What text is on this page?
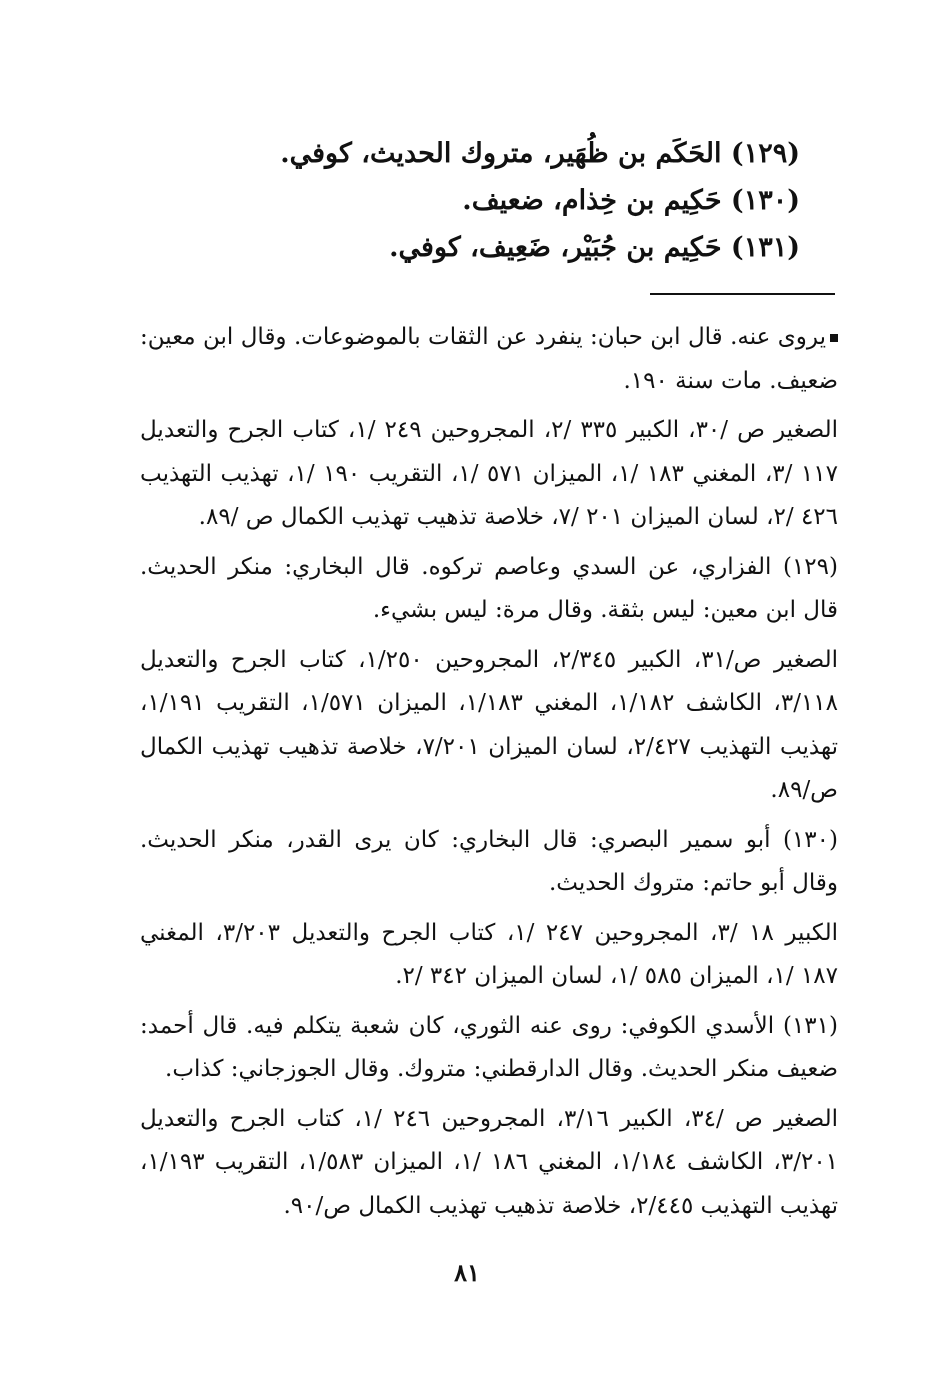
(١٢٩) الحَكَم بن ظُهَير، متروك الحديث، كوفي.
(١٣٠) حَكِيم بن خِذام، ضعيف.
(١٣١) حَكِيم بن جُبَيْر، ضَعِيف، كوفي.

يروى عنه. قال ابن حبان: ينفرد عن الثقات بالموضوعات. وقال ابن معين: ضعيف. مات سنة ١٩٠.

الصغير ص /٣٠، الكبير ٣٣٥ /٢، المجروحين ٢٤٩ /١، كتاب الجرح والتعديل ١١٧ /٣، المغني ١٨٣ /١، الميزان ٥٧١ /١، التقريب ١٩٠ /١، تهذيب التهذيب ٤٢٦ /٢، لسان الميزان ٢٠١ /٧، خلاصة تذهيب تهذيب الكمال ص /٨٩.

(١٢٩) الفزاري، عن السدي وعاصم تركوه. قال البخاري: منكر الحديث. قال ابن معين: ليس بثقة. وقال مرة: ليس بشيء.

الصغير ص/٣١، الكبير ٢/٣٤٥، المجروحين ١/٢٥٠، كتاب الجرح والتعديل ٣/١١٨، الكاشف ١/١٨٢، المغني ١/١٨٣، الميزان ١/٥٧١، التقريب ١/١٩١، تهذيب التهذيب ٢/٤٢٧، لسان الميزان ٧/٢٠١، خلاصة تذهيب تهذيب الكمال ص/٨٩.

(١٣٠) أبو سمير البصري: قال البخاري: كان يرى القدر، منكر الحديث. وقال أبو حاتم: متروك الحديث.

الكبير ١٨ /٣، المجروحين ٢٤٧ /١، كتاب الجرح والتعديل ٣/٢٠٣، المغني ١٨٧ /١، الميزان ٥٨٥ /١، لسان الميزان ٣٤٢ /٢.

(١٣١) الأسدي الكوفي: روى عنه الثوري، كان شعبة يتكلم فيه. قال أحمد: ضعيف منكر الحديث. وقال الدارقطني: متروك. وقال الجوزجاني: كذاب.

الصغير ص /٣٤، الكبير ٣/١٦، المجروحين ٢٤٦ /١، كتاب الجرح والتعديل ٣/٢٠١، الكاشف ١/١٨٤، المغني ١٨٦ /١، الميزان ١/٥٨٣، التقريب ١/١٩٣، تهذيب التهذيب ٢/٤٤٥، خلاصة تذهيب تهذيب الكمال ص/٩٠.

٨١
